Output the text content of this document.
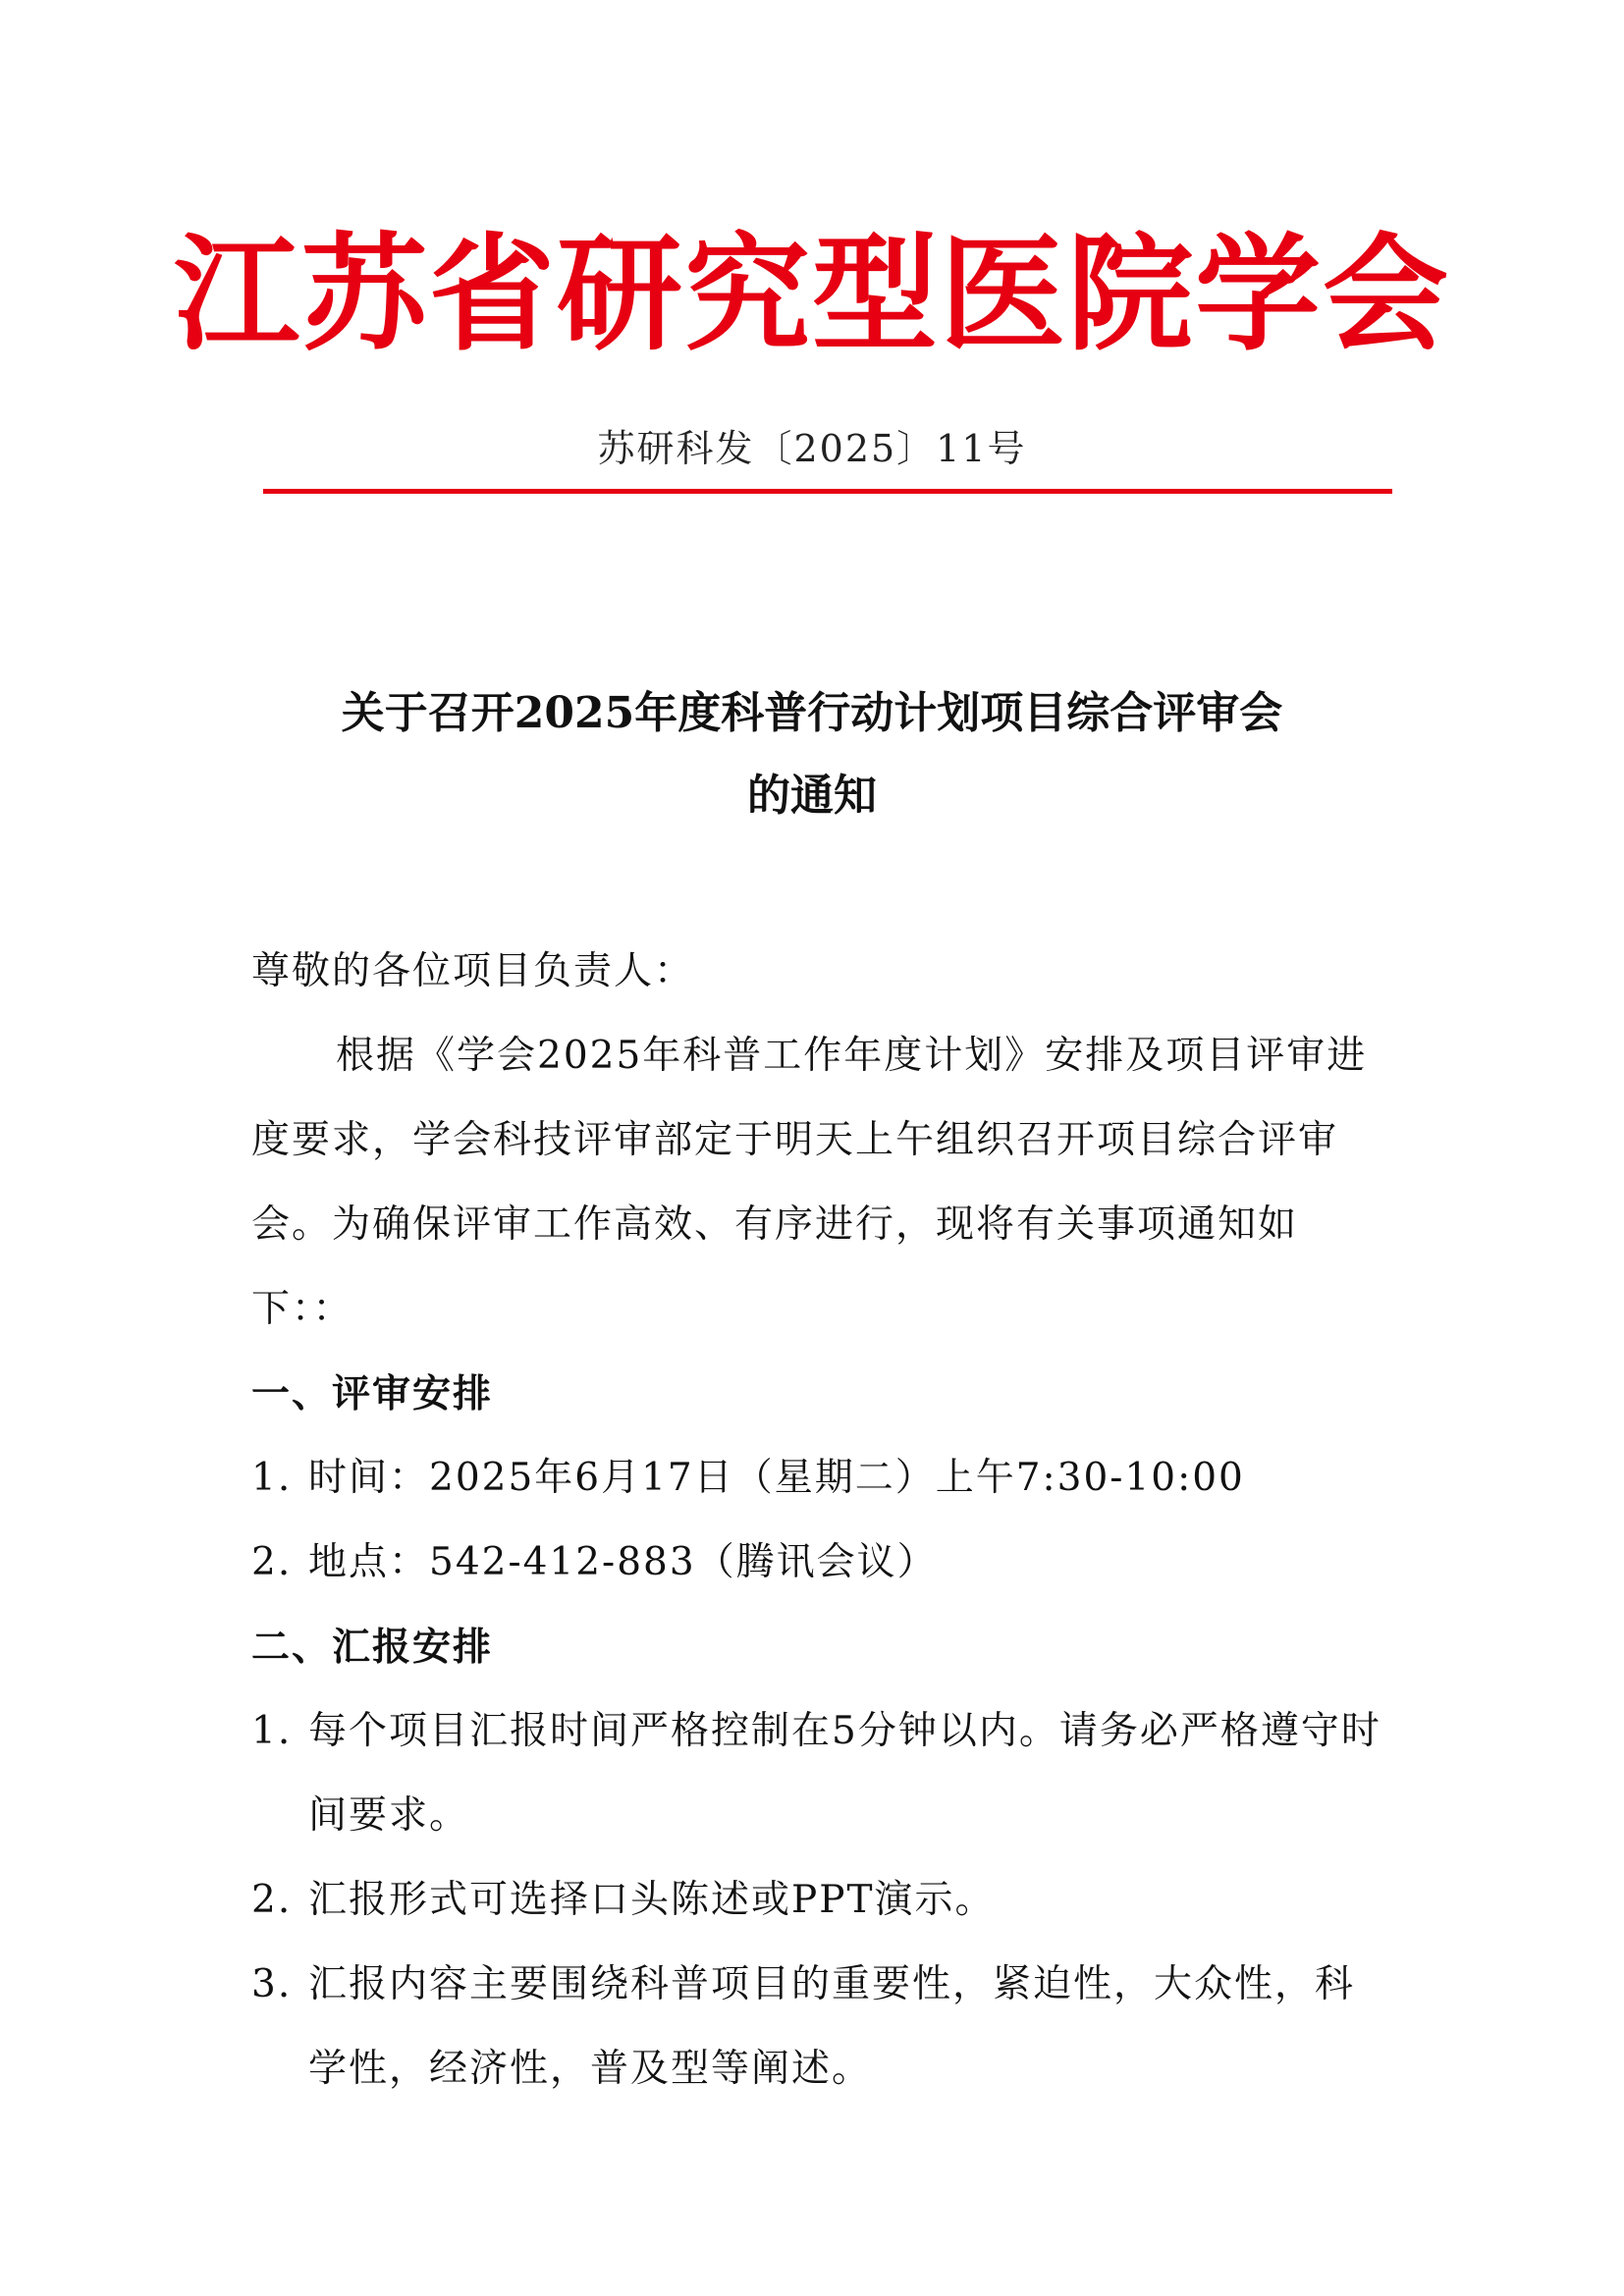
江苏省研究型医院学会
苏研科发〔2025〕11号
关于召开2025年度科普行动计划项目综合评审会
的通知

尊敬的各位项目负责人：

根据《学会2025年科普工作年度计划》安排及项目评审进度要求，学会科技评审部定于明天上午组织召开项目综合评审会。为确保评审工作高效、有序进行，现将有关事项通知如下：：

一、评审安排

1. 时间：2025年6月17日（星期二）上午7:30-10:00
2. 地点：542-412-883（腾讯会议）

二、汇报安排

1. 每个项目汇报时间严格控制在5分钟以内。请务必严格遵守时间要求。
2. 汇报形式可选择口头陈述或PPT演示。
3. 汇报内容主要围绕科普项目的重要性，紧迫性，大众性，科学性，经济性，普及型等阐述。
